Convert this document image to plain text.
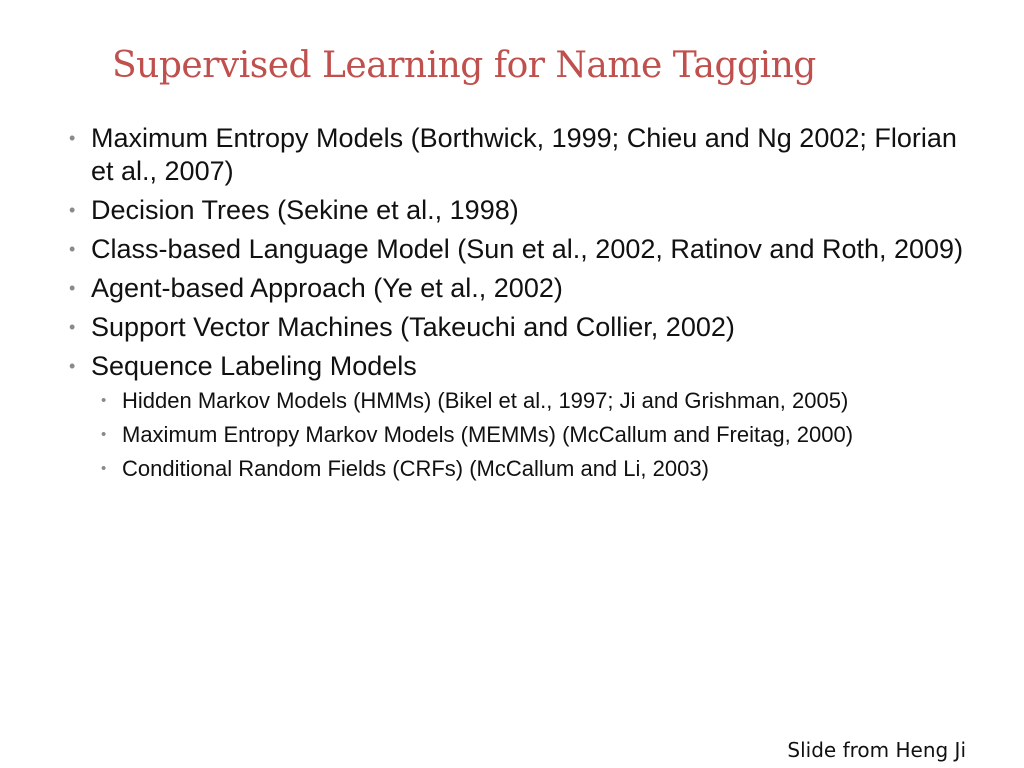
Supervised Learning for Name Tagging
• Maximum Entropy Models (Borthwick, 1999; Chieu and Ng 2002; Florian et al., 2007)
• Decision Trees (Sekine et al., 1998)
• Class-based Language Model (Sun et al., 2002, Ratinov and Roth, 2009)
• Agent-based Approach (Ye et al., 2002)
• Support Vector Machines (Takeuchi and Collier, 2002)
• Sequence Labeling Models
• Hidden Markov Models (HMMs) (Bikel et al., 1997; Ji and Grishman, 2005)
• Maximum Entropy Markov Models (MEMMs) (McCallum and Freitag, 2000)
• Conditional Random Fields (CRFs) (McCallum and Li, 2003)
Slide from Heng Ji
